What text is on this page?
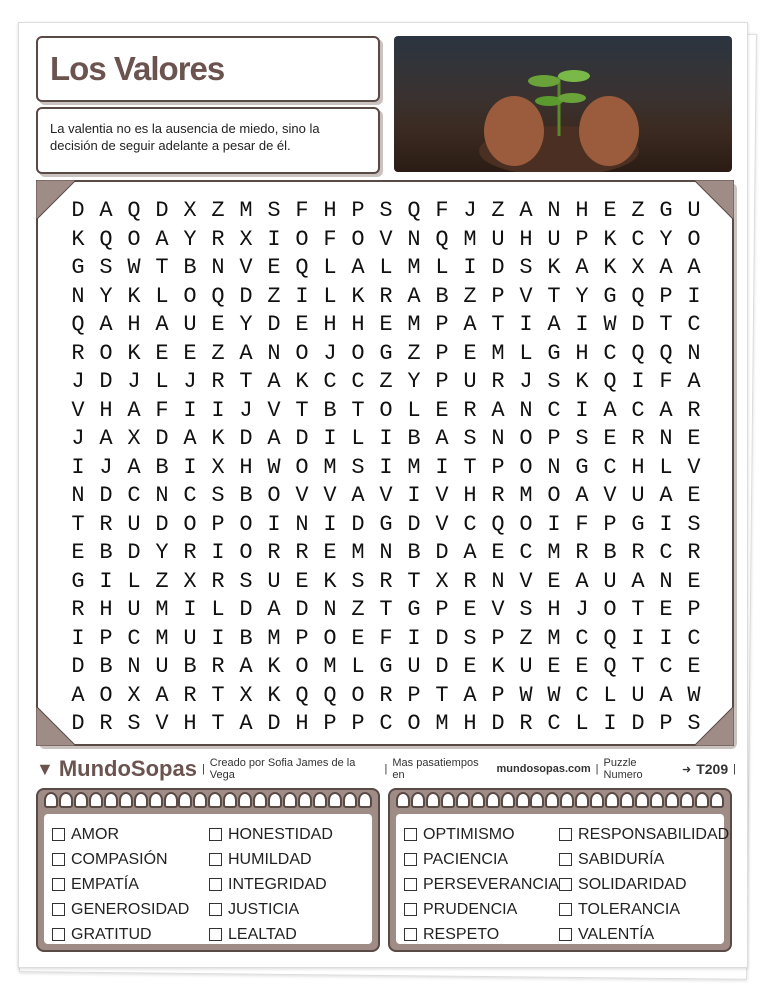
Los Valores
La valentia no es la ausencia de miedo, sino la decisión de seguir adelante a pesar de él.
D A Q D X Z M S F H P S Q F J Z A N H E Z G U
K Q O A Y R X I O F O V N Q M U H U P K C Y O
G S W T B N V E Q L A L M L I D S K A K X A A
N Y K L O Q D Z I L K R A B Z P V T Y G Q P I
Q A H A U E Y D E H H E M P A T I A I W D T C
R O K E E Z A N O J O G Z P E M L G H C Q Q N
J D J L J R T A K C C Z Y P U R J S K Q I F A
V H A F I I J V T B T O L E R A N C I A C A R
J A X D A K D A D I L I B A S N O P S E R N E
I J A B I X H W O M S I M I T P O N G C H L V
N D C N C S B O V V A V I V H R M O A V U A E
T R U D O P O I N I D G D V C Q O I F P G I S
E B D Y R I O R R E M N B D A E C M R B R C R
G I L Z X R S U E K S R T X R N V E A U A N E
R H U M I L D A D N Z T G P E V S H J O T E P
I P C M U I B M P O E F I D S P Z M C Q I I C
D B N U B R A K O M L G U D E K U E E Q T C E
A O X A R T X K Q Q O R P T A P W W C L U A W
D R S V H T A D H P P C O M H D R C L I D P S
▼ MundoSopas | Creado por Sofia James de la Vega	| Mas pasatiempos en	mundosopas.com | Puzzle Numero	➜ T209 |
AMOR	HONESTIDAD
COMPASIÓN	HUMILDAD
EMPATÍA	INTEGRIDAD
GENEROSIDAD JUSTICIA
GRATITUD	LEALTAD
OPTIMISMO	RESPONSABILIDAD
PACIENCIA	SABIDURÍA
PERSEVERANCIA SOLIDARIDAD
PRUDENCIA	TOLERANCIA
RESPETO	VALENTÍA
